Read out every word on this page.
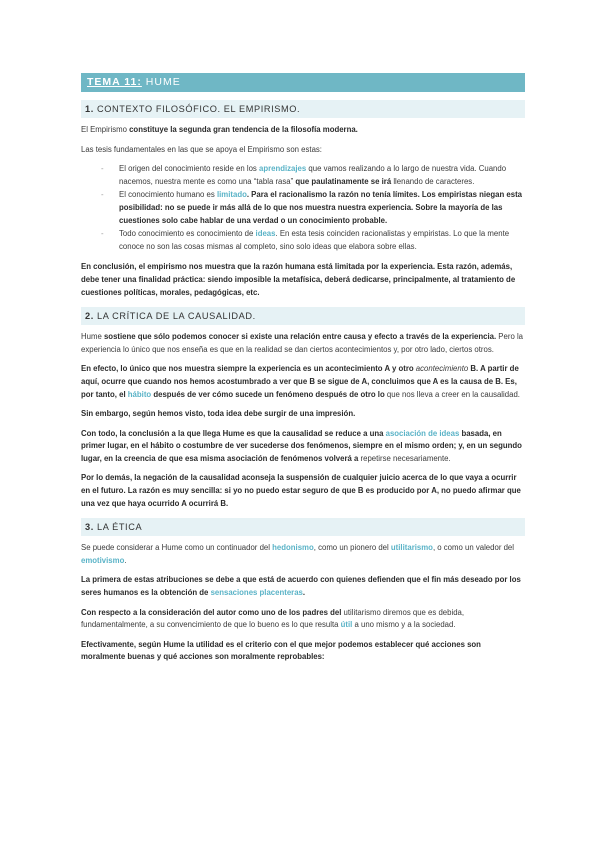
TEMA 11: HUME
1. CONTEXTO FILOSÓFICO. EL EMPIRISMO.

El Empirismo constituye la segunda gran tendencia de la filosofía moderna.

Las tesis fundamentales en las que se apoya el Empirismo son estas:

- El origen del conocimiento reside en los aprendizajes que vamos realizando a lo largo de nuestra vida. Cuando nacemos, nuestra mente es como una “tabla rasa” que paulatinamente se irá llenando de caracteres.
- El conocimiento humano es limitado. Para el racionalismo la razón no tenía límites. Los empiristas niegan esta posibilidad: no se puede ir más allá de lo que nos muestra nuestra experiencia. Sobre la mayoría de las cuestiones solo cabe hablar de una verdad o un conocimiento probable.
- Todo conocimiento es conocimiento de ideas. En esta tesis coinciden racionalistas y empiristas. Lo que la mente conoce no son las cosas mismas al completo, sino solo ideas que elabora sobre ellas.

En conclusión, el empirismo nos muestra que la razón humana está limitada por la experiencia. Esta razón, además, debe tener una finalidad práctica: siendo imposible la metafísica, deberá dedicarse, principalmente, al tratamiento de cuestiones políticas, morales, pedagógicas, etc.

2. LA CRÍTICA DE LA CAUSALIDAD.

Hume sostiene que sólo podemos conocer si existe una relación entre causa y efecto a través de la experiencia. Pero la experiencia lo único que nos enseña es que en la realidad se dan ciertos acontecimientos y, por otro lado, ciertos otros.

En efecto, lo único que nos muestra siempre la experiencia es un acontecimiento A y otro acontecimiento B. A partir de aquí, ocurre que cuando nos hemos acostumbrado a ver que B se sigue de A, concluimos que A es la causa de B. Es, por tanto, el hábito después de ver cómo sucede un fenómeno después de otro lo que nos lleva a creer en la causalidad.

Sin embargo, según hemos visto, toda idea debe surgir de una impresión.

Con todo, la conclusión a la que llega Hume es que la causalidad se reduce a una asociación de ideas basada, en primer lugar, en el hábito o costumbre de ver sucederse dos fenómenos, siempre en el mismo orden; y, en un segundo lugar, en la creencia de que esa misma asociación de fenómenos volverá a repetirse necesariamente.

Por lo demás, la negación de la causalidad aconseja la suspensión de cualquier juicio acerca de lo que vaya a ocurrir en el futuro. La razón es muy sencilla: si yo no puedo estar seguro de que B es producido por A, no puedo afirmar que una vez que haya ocurrido A ocurrirá B.

3. LA ÉTICA

Se puede considerar a Hume como un continuador del hedonismo, como un pionero del utilitarismo, o como un valedor del emotivismo.

La primera de estas atribuciones se debe a que está de acuerdo con quienes defienden que el fin más deseado por los seres humanos es la obtención de sensaciones placenteras.

Con respecto a la consideración del autor como uno de los padres del utilitarismo diremos que es debida, fundamentalmente, a su convencimiento de que lo bueno es lo que resulta útil a uno mismo y a la sociedad.

Efectivamente, según Hume la utilidad es el criterio con el que mejor podemos establecer qué acciones son moralmente buenas y qué acciones son moralmente reprobables:
